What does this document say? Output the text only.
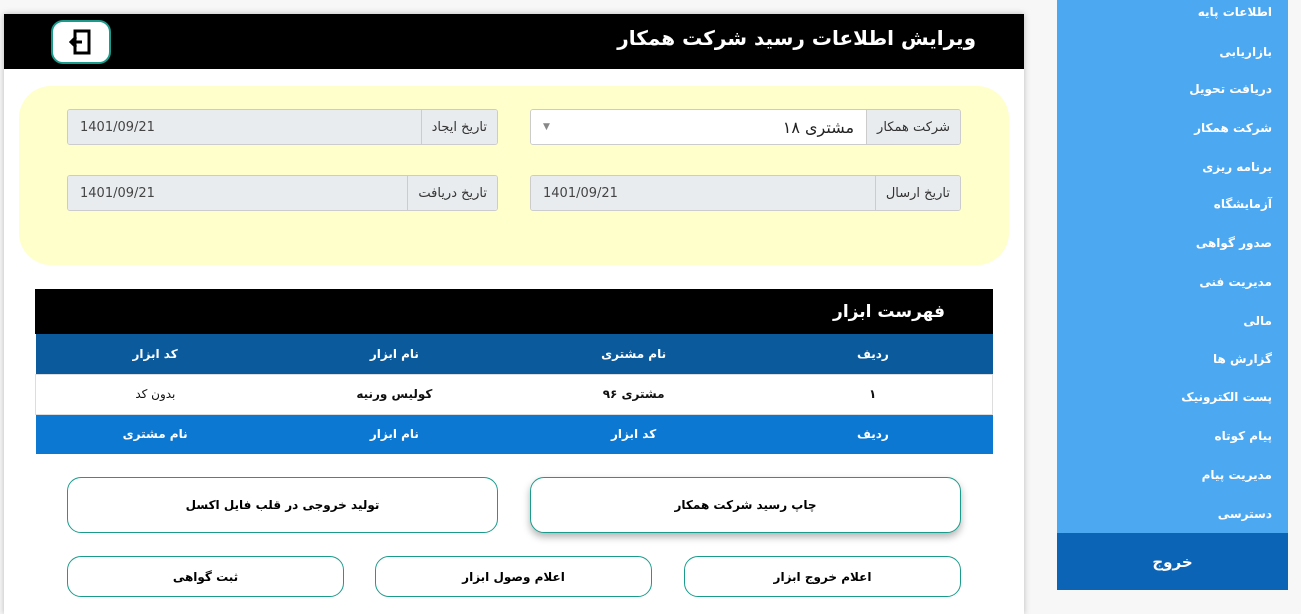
ویرایش اطلاعات رسید شرکت همکار
شرکت همکار
مشتری ۱۸
▼
تاریخ ایجاد
1401/09/21
تاریخ ارسال
1401/09/21
تاریخ دریافت
1401/09/21
فهرست ابزار
ردیف	نام مشتری	نام ابزار	کد ابزار
۱	مشتری ۹۶	کولیس ورنیه	بدون کد
ردیف	کد ابزار	نام ابزار	نام مشتری
چاپ رسید شرکت همکار
تولید خروجی در قلب فایل اکسل
اعلام خروج ابزار
اعلام وصول ابزار
ثبت گواهی
اطلاعات پایه
بازاریابی
دریافت تحویل
شرکت همکار
برنامه ریزی
آزمایشگاه
صدور گواهی
مدیریت فنی
مالی
گزارش ها
پست الکترونیک
پیام کوتاه
مدیریت پیام
دسترسی
خروج
